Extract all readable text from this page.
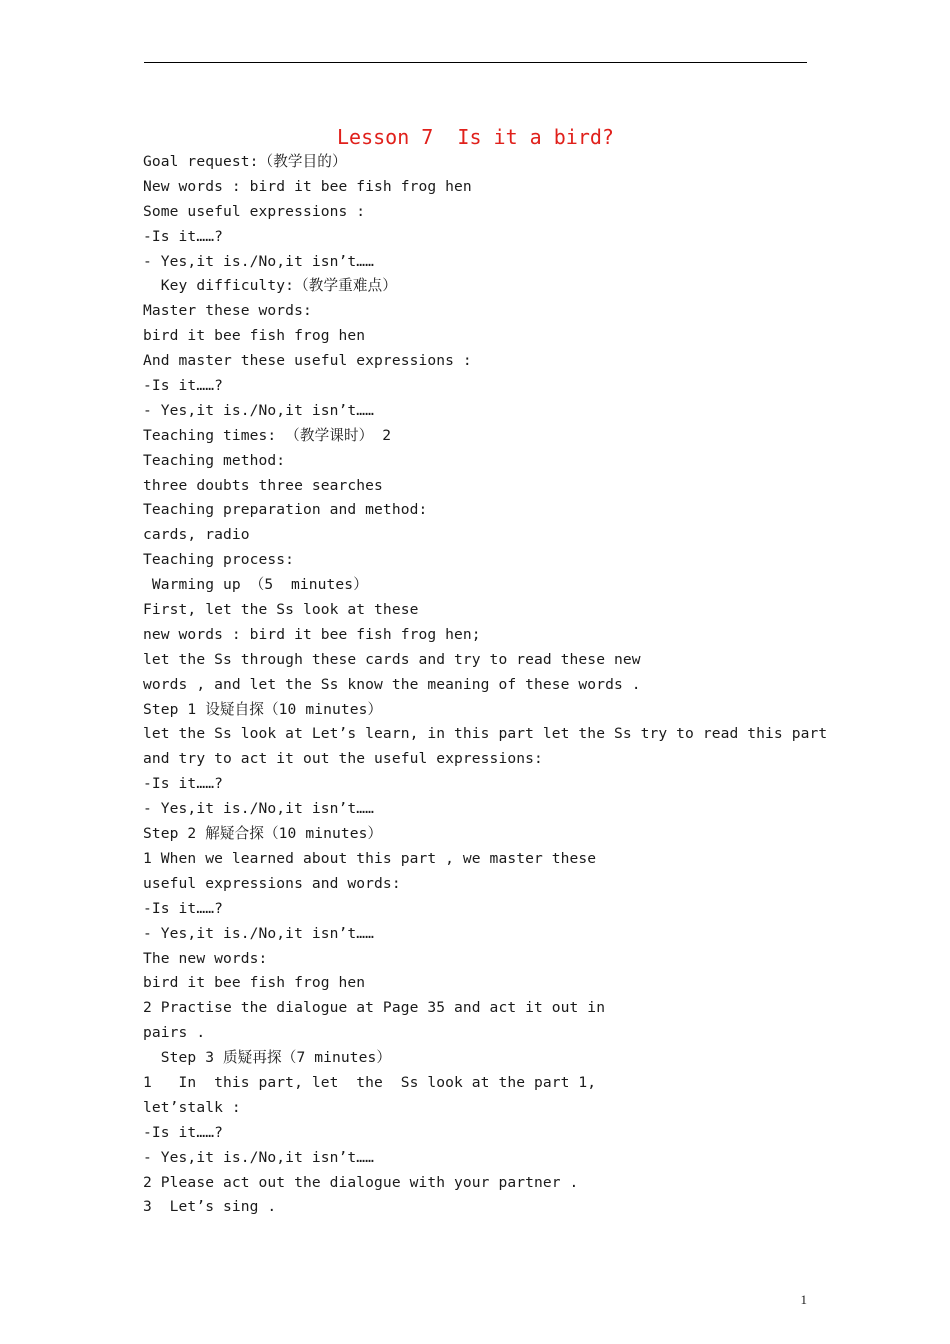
Lesson 7  Is it a bird?
Goal request:（教学目的）
New words : bird it bee fish frog hen
Some useful expressions :
-Is it……?
- Yes,it is./No,it isn’t……
Key difficulty:（教学重难点）
Master these words:
bird it bee fish frog hen
And master these useful expressions :
-Is it……?
- Yes,it is./No,it isn’t……
Teaching times: （教学课时） 2
Teaching method:
three doubts three searches
Teaching preparation and method:
cards, radio
Teaching process:
Warming up （5  minutes）
First, let the Ss look at these
new words : bird it bee fish frog hen;
let the Ss through these cards and try to read these new
words , and let the Ss know the meaning of these words .
Step 1 设疑自探（10 minutes）
let the Ss look at Let’s learn, in this part let the Ss try to read this part
and try to act it out the useful expressions:
-Is it……?
- Yes,it is./No,it isn’t……
Step 2 解疑合探（10 minutes）
1 When we learned about this part , we master these
useful expressions and words:
-Is it……?
- Yes,it is./No,it isn’t……
The new words:
bird it bee fish frog hen
2 Practise the dialogue at Page 35 and act it out in
pairs .
Step 3 质疑再探（7 minutes）
1   In  this part, let  the  Ss look at the part 1,
let’stalk :
-Is it……?
- Yes,it is./No,it isn’t……
2 Please act out the dialogue with your partner .
3  Let’s sing .
1
